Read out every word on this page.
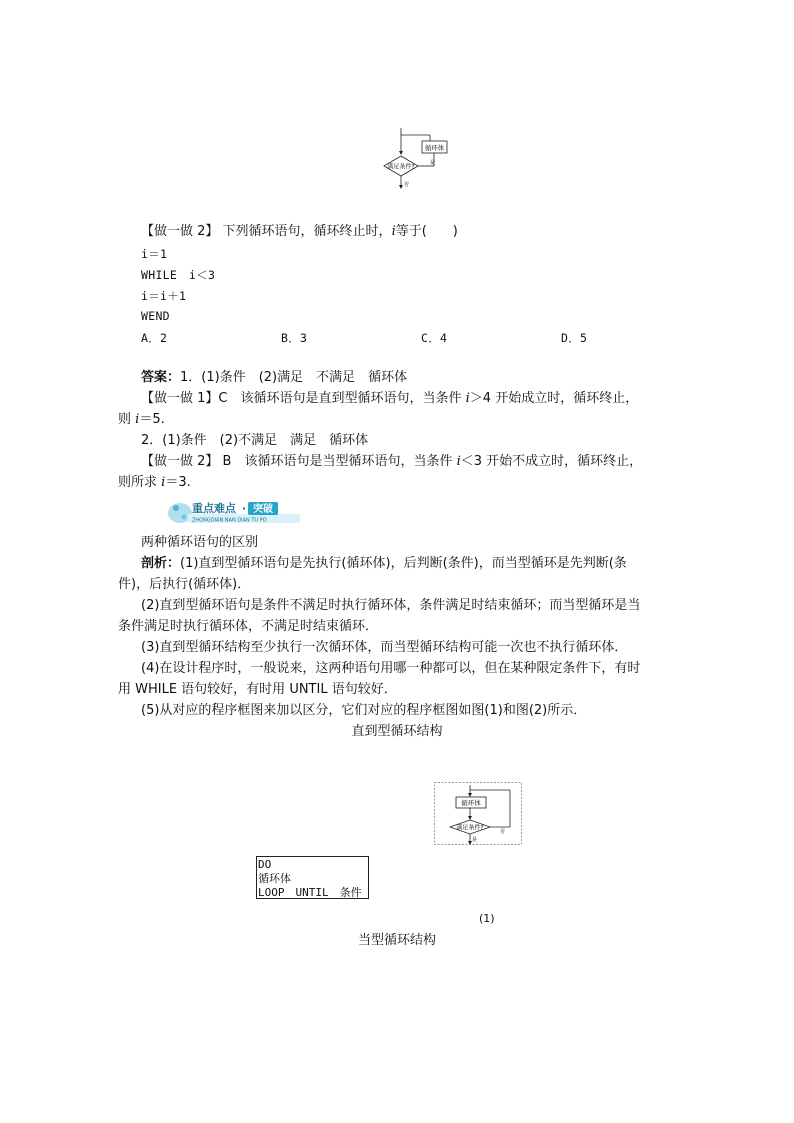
循环体
是
满足条件?
否
【做一做 2】 下列循环语句，循环终止时，i等于(　　)
i＝1
WHILE　i＜3
i＝i＋1
WEND
A．2	B．3	C．4	D．5
答案：1．(1)条件　(2)满足　不满足　循环体
【做一做 1】C　该循环语句是直到型循环语句，当条件 i＞4 开始成立时，循环终止，
则 i＝5.
2．(1)条件　(2)不满足　满足　循环体
【做一做 2】 B　该循环语句是当型循环语句，当条件 i＜3 开始不成立时，循环终止，
则所求 i＝3.
重点难点 · 突破
ZHONGDIAN NAN DIAN TU PO
两种循环语句的区别
剖析：(1)直到型循环语句是先执行(循环体)，后判断(条件)，而当型循环是先判断(条
件)，后执行(循环体)．
(2)直到型循环语句是条件不满足时执行循环体，条件满足时结束循环；而当型循环是当
条件满足时执行循环体，不满足时结束循环．
(3)直到型循环结构至少执行一次循环体，而当型循环结构可能一次也不执行循环体．
(4)在设计程序时，一般说来，这两种语句用哪一种都可以，但在某种限定条件下，有时
用 WHILE 语句较好，有时用 UNTIL 语句较好．
(5)从对应的程序框图来加以区分，它们对应的程序框图如图(1)和图(2)所示．
直到型循环结构
循环体
满足条件?
否
是
DO
循环体
LOOP　UNTIL　条件
(1)
当型循环结构
